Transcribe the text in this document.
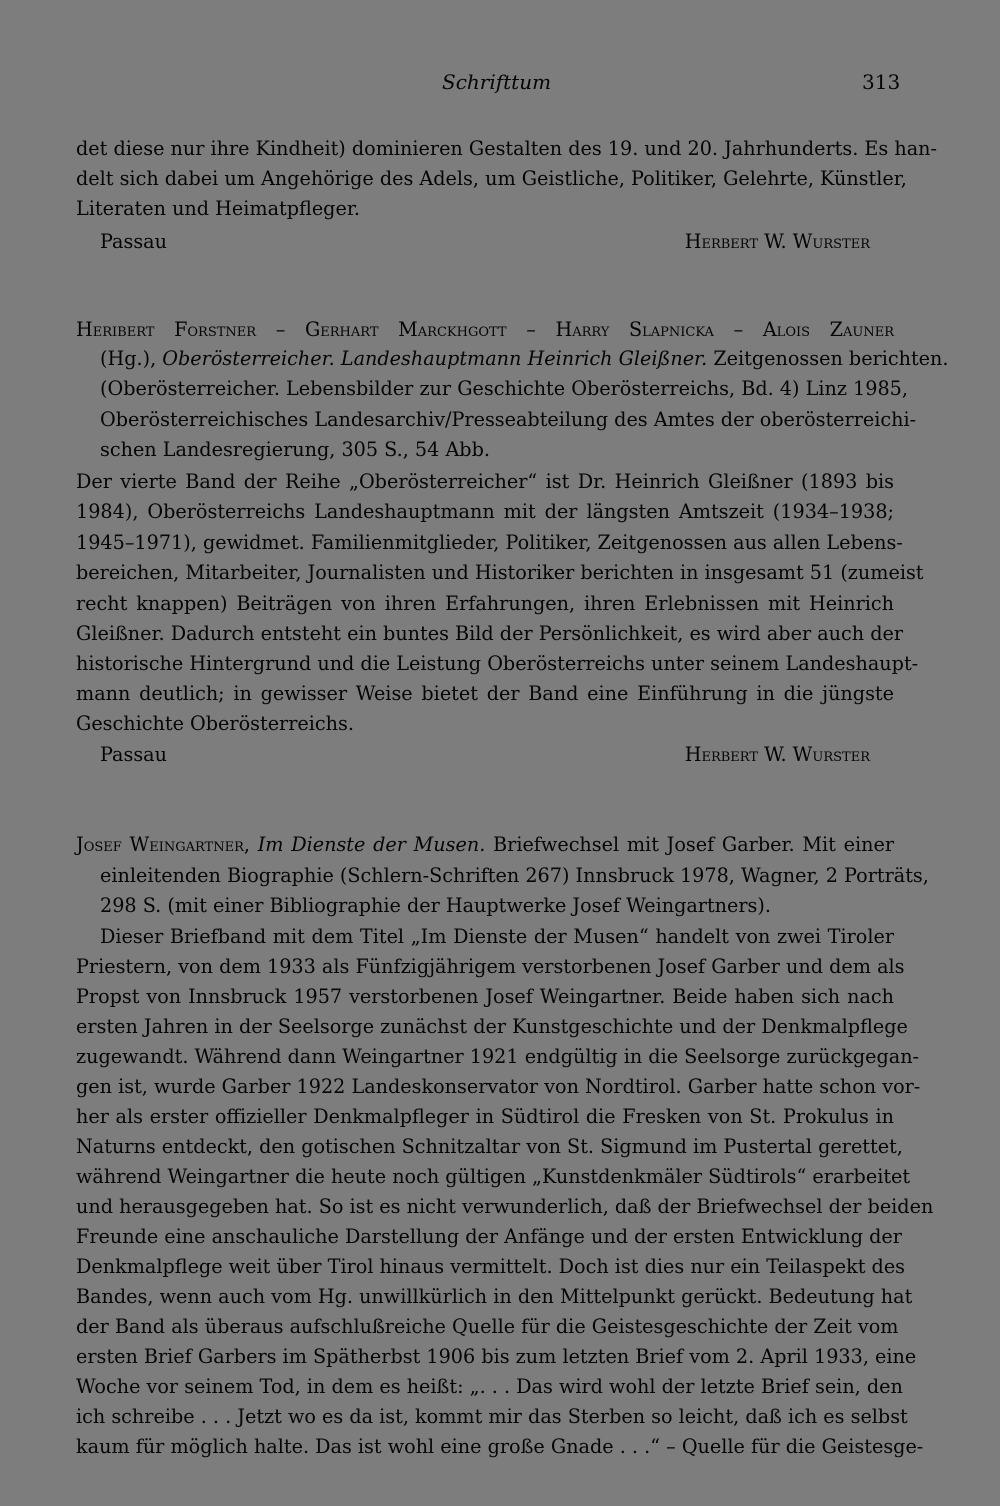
Schrifttum	313
det diese nur ihre Kindheit) dominieren Gestalten des 19. und 20. Jahrhunderts. Es han-
delt sich dabei um Angehörige des Adels, um Geistliche, Politiker, Gelehrte, Künstler,
Literaten und Heimatpfleger.
Passau	Herbert W. Wurster
Heribert Forstner – Gerhart Marckhgott – Harry Slapnicka – Alois Zauner
(Hg.), Oberösterreicher. Landeshauptmann Heinrich Gleißner. Zeitgenossen berichten.
(Oberösterreicher. Lebensbilder zur Geschichte Oberösterreichs, Bd. 4) Linz 1985,
Oberösterreichisches Landesarchiv/Presseabteilung des Amtes der oberösterreichi-
schen Landesregierung, 305 S., 54 Abb.
Der vierte Band der Reihe „Oberösterreicher“ ist Dr. Heinrich Gleißner (1893 bis
1984), Oberösterreichs Landeshauptmann mit der längsten Amtszeit (1934–1938;
1945–1971), gewidmet. Familienmitglieder, Politiker, Zeitgenossen aus allen Lebens-
bereichen, Mitarbeiter, Journalisten und Historiker berichten in insgesamt 51 (zumeist
recht knappen) Beiträgen von ihren Erfahrungen, ihren Erlebnissen mit Heinrich
Gleißner. Dadurch entsteht ein buntes Bild der Persönlichkeit, es wird aber auch der
historische Hintergrund und die Leistung Oberösterreichs unter seinem Landeshaupt-
mann deutlich; in gewisser Weise bietet der Band eine Einführung in die jüngste
Geschichte Oberösterreichs.
Passau	Herbert W. Wurster
Josef Weingartner, Im Dienste der Musen. Briefwechsel mit Josef Garber. Mit einer
einleitenden Biographie (Schlern-Schriften 267) Innsbruck 1978, Wagner, 2 Porträts,
298 S. (mit einer Bibliographie der Hauptwerke Josef Weingartners).
Dieser Briefband mit dem Titel „Im Dienste der Musen“ handelt von zwei Tiroler
Priestern, von dem 1933 als Fünfzigjährigem verstorbenen Josef Garber und dem als
Propst von Innsbruck 1957 verstorbenen Josef Weingartner. Beide haben sich nach
ersten Jahren in der Seelsorge zunächst der Kunstgeschichte und der Denkmalpflege
zugewandt. Während dann Weingartner 1921 endgültig in die Seelsorge zurückgegan-
gen ist, wurde Garber 1922 Landeskonservator von Nordtirol. Garber hatte schon vor-
her als erster offizieller Denkmalpfleger in Südtirol die Fresken von St. Prokulus in
Naturns entdeckt, den gotischen Schnitzaltar von St. Sigmund im Pustertal gerettet,
während Weingartner die heute noch gültigen „Kunstdenkmäler Südtirols“ erarbeitet
und herausgegeben hat. So ist es nicht verwunderlich, daß der Briefwechsel der beiden
Freunde eine anschauliche Darstellung der Anfänge und der ersten Entwicklung der
Denkmalpflege weit über Tirol hinaus vermittelt. Doch ist dies nur ein Teilaspekt des
Bandes, wenn auch vom Hg. unwillkürlich in den Mittelpunkt gerückt. Bedeutung hat
der Band als überaus aufschlußreiche Quelle für die Geistesgeschichte der Zeit vom
ersten Brief Garbers im Spätherbst 1906 bis zum letzten Brief vom 2. April 1933, eine
Woche vor seinem Tod, in dem es heißt: „. . . Das wird wohl der letzte Brief sein, den
ich schreibe . . . Jetzt wo es da ist, kommt mir das Sterben so leicht, daß ich es selbst
kaum für möglich halte. Das ist wohl eine große Gnade . . .“ – Quelle für die Geistesge-
